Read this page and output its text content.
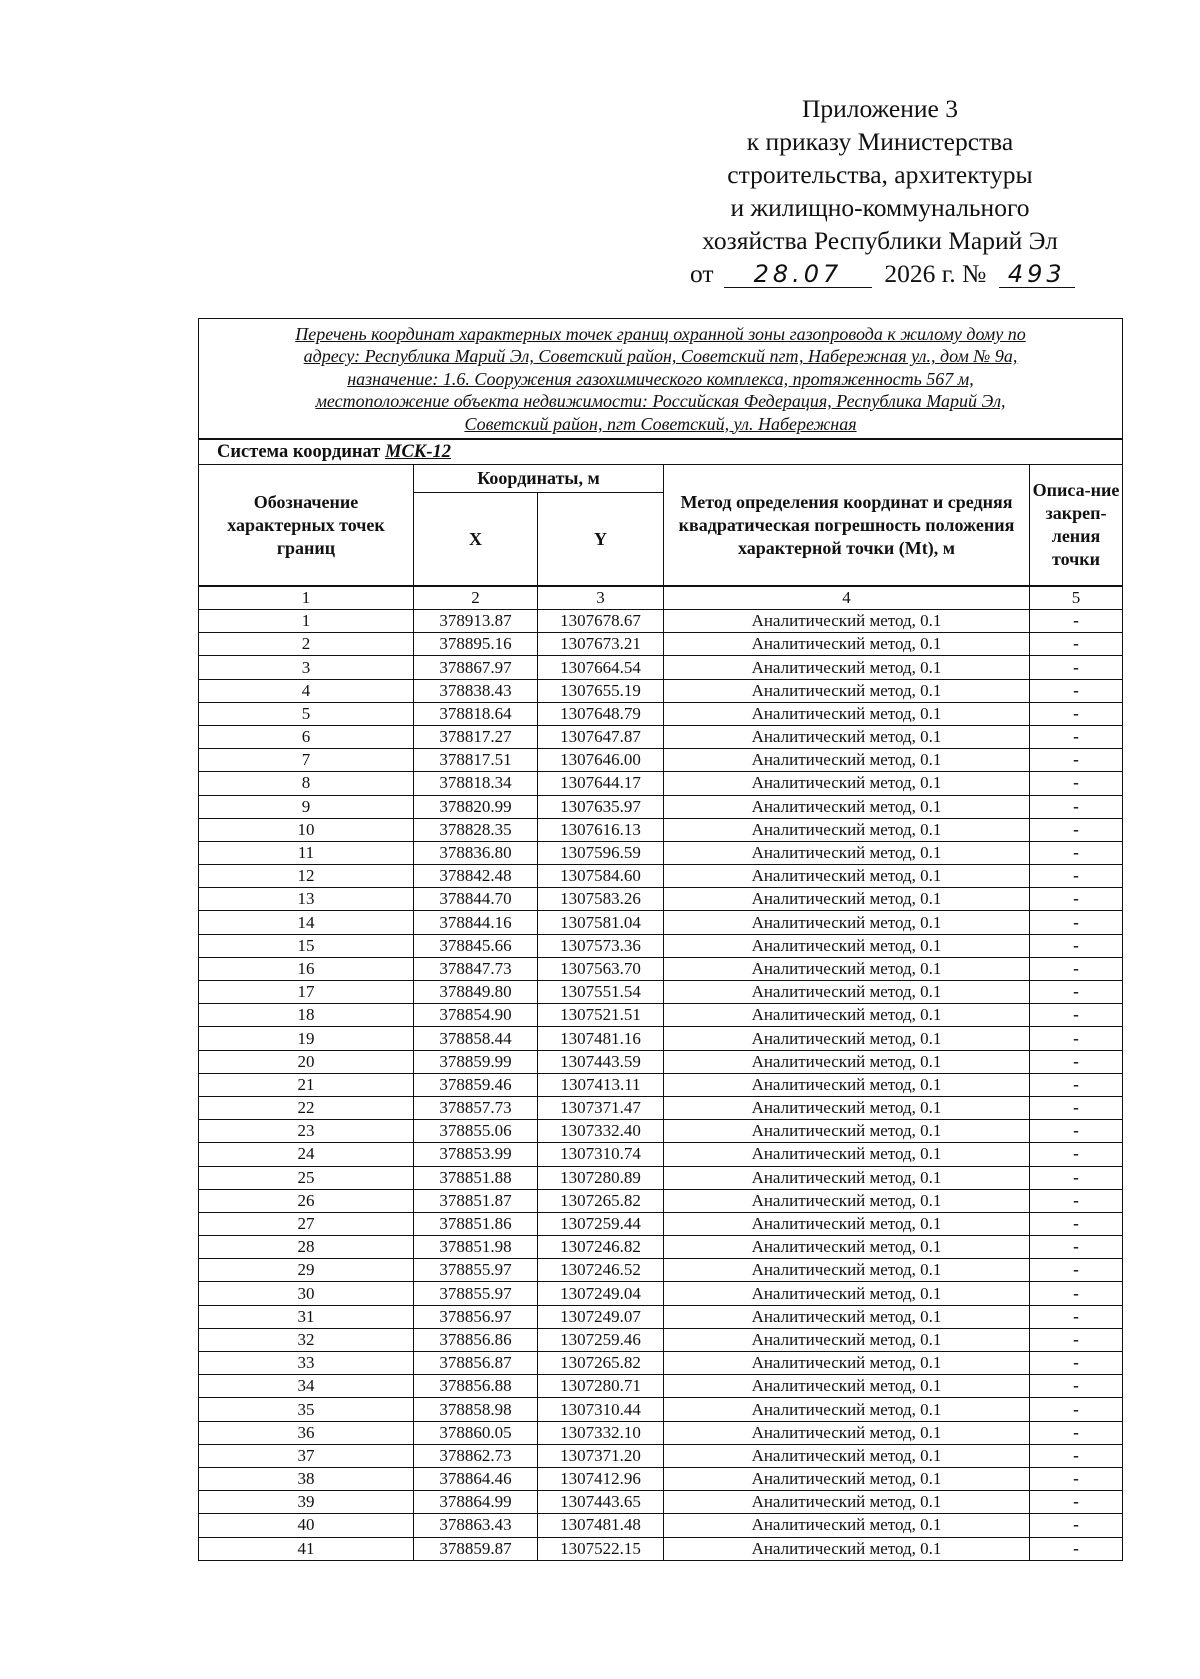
Приложение 3
к приказу Министерства
строительства, архитектуры
и жилищно-коммунального
хозяйства Республики Марий Эл
от 28.07 2026 г. № 493
Перечень координат характерных точек границ охранной зоны газопровода к жилому дому по
адресу: Республика Марий Эл, Советский район, Советский пгт, Набережная ул., дом № 9а,
назначение: 1.6. Сооружения газохимического комплекса, протяженность 567 м,
местоположение объекта недвижимости: Российская Федерация, Республика Марий Эл,
Советский район, пгт Советский, ул. Набережная				

Система координат МСК-12				
Обозначение характерных точек границ	Координаты, м		Метод определения координат и средняя квадратическая погрешность положения характерной точки (Mt), м	Описа-ние закреп-ления точки
	X	Y		
1	2	3	4	5
1	378913.87	1307678.67	Аналитический метод, 0.1	-
2	378895.16	1307673.21	Аналитический метод, 0.1	-
3	378867.97	1307664.54	Аналитический метод, 0.1	-
4	378838.43	1307655.19	Аналитический метод, 0.1	-
5	378818.64	1307648.79	Аналитический метод, 0.1	-
6	378817.27	1307647.87	Аналитический метод, 0.1	-
7	378817.51	1307646.00	Аналитический метод, 0.1	-
8	378818.34	1307644.17	Аналитический метод, 0.1	-
9	378820.99	1307635.97	Аналитический метод, 0.1	-
10	378828.35	1307616.13	Аналитический метод, 0.1	-
11	378836.80	1307596.59	Аналитический метод, 0.1	-
12	378842.48	1307584.60	Аналитический метод, 0.1	-
13	378844.70	1307583.26	Аналитический метод, 0.1	-
14	378844.16	1307581.04	Аналитический метод, 0.1	-
15	378845.66	1307573.36	Аналитический метод, 0.1	-
16	378847.73	1307563.70	Аналитический метод, 0.1	-
17	378849.80	1307551.54	Аналитический метод, 0.1	-
18	378854.90	1307521.51	Аналитический метод, 0.1	-
19	378858.44	1307481.16	Аналитический метод, 0.1	-
20	378859.99	1307443.59	Аналитический метод, 0.1	-
21	378859.46	1307413.11	Аналитический метод, 0.1	-
22	378857.73	1307371.47	Аналитический метод, 0.1	-
23	378855.06	1307332.40	Аналитический метод, 0.1	-
24	378853.99	1307310.74	Аналитический метод, 0.1	-
25	378851.88	1307280.89	Аналитический метод, 0.1	-
26	378851.87	1307265.82	Аналитический метод, 0.1	-
27	378851.86	1307259.44	Аналитический метод, 0.1	-
28	378851.98	1307246.82	Аналитический метод, 0.1	-
29	378855.97	1307246.52	Аналитический метод, 0.1	-
30	378855.97	1307249.04	Аналитический метод, 0.1	-
31	378856.97	1307249.07	Аналитический метод, 0.1	-
32	378856.86	1307259.46	Аналитический метод, 0.1	-
33	378856.87	1307265.82	Аналитический метод, 0.1	-
34	378856.88	1307280.71	Аналитический метод, 0.1	-
35	378858.98	1307310.44	Аналитический метод, 0.1	-
36	378860.05	1307332.10	Аналитический метод, 0.1	-
37	378862.73	1307371.20	Аналитический метод, 0.1	-
38	378864.46	1307412.96	Аналитический метод, 0.1	-
39	378864.99	1307443.65	Аналитический метод, 0.1	-
40	378863.43	1307481.48	Аналитический метод, 0.1	-
41	378859.87	1307522.15	Аналитический метод, 0.1	-
